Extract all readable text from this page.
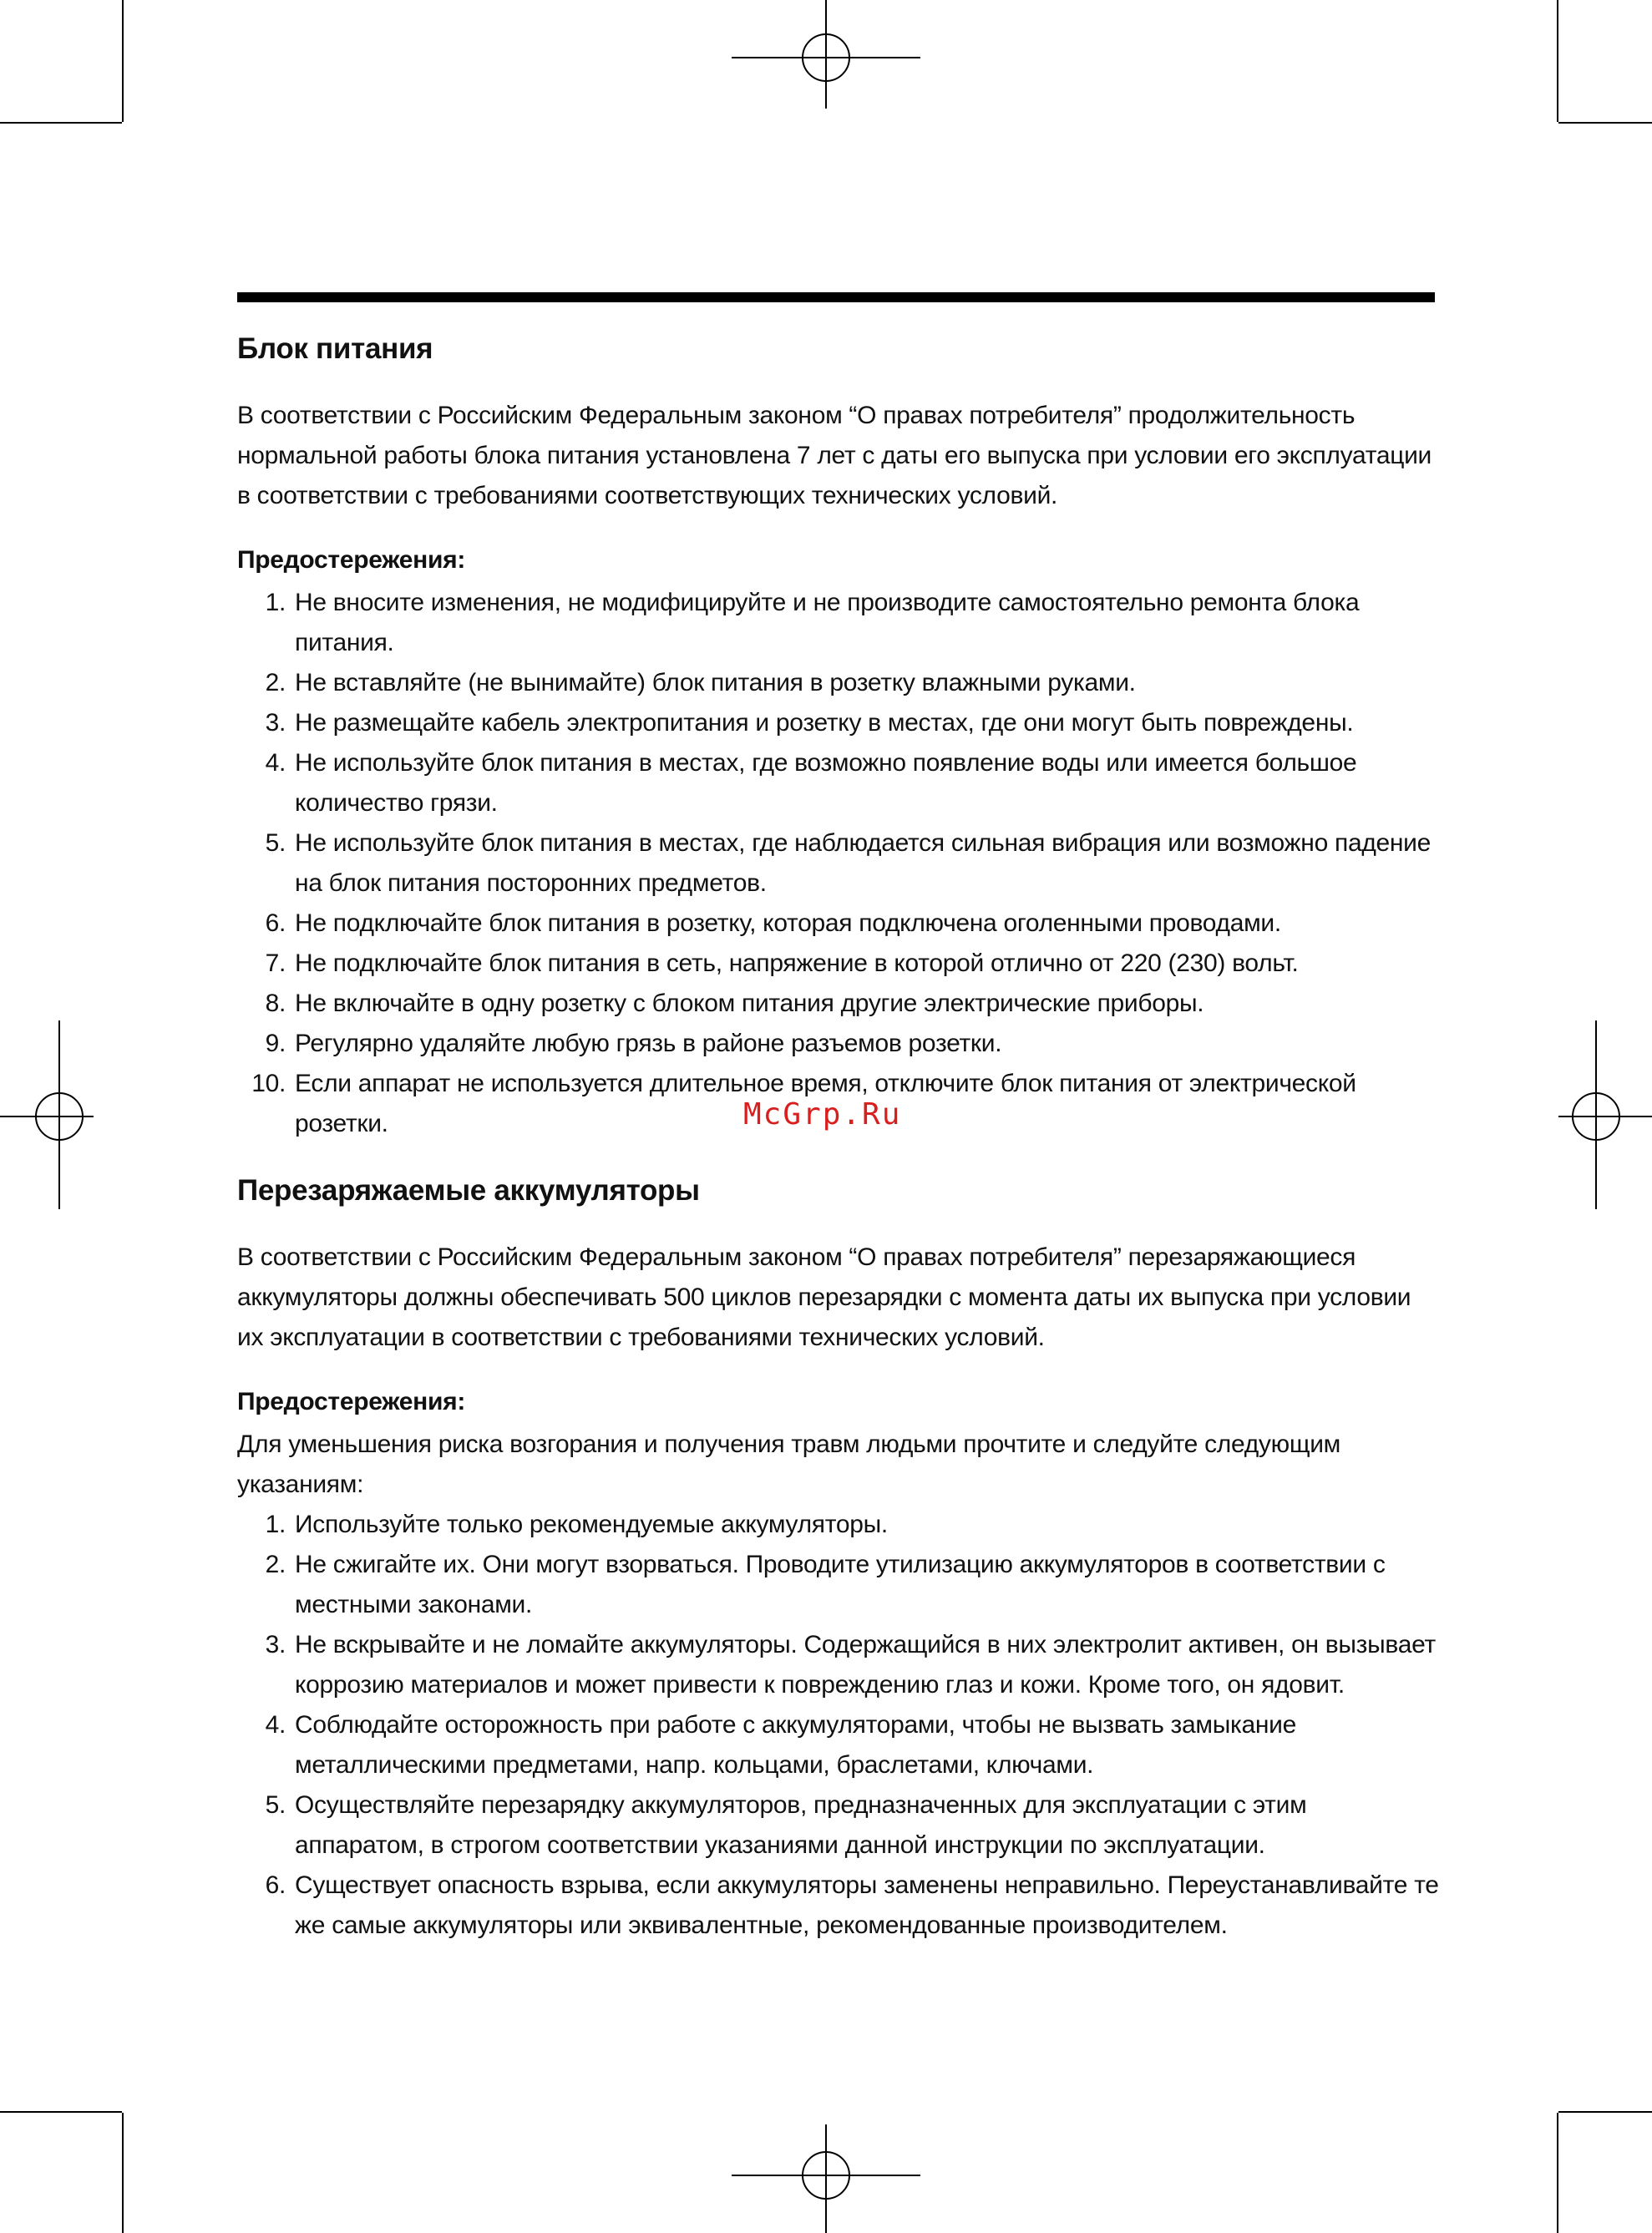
McGrp.Ru
Блок питания

В соответствии с Российским Федеральным законом “О правах потребителя” продолжительность нормальной работы блока питания установлена 7 лет с даты его выпуска при условии его эксплуатации в соответствии с требованиями соответствующих технических условий.

Предостережения:
1. Не вносите изменения, не модифицируйте и не производите самостоятельно ремонта блока питания.
2. Не вставляйте (не вынимайте) блок питания в розетку влажными руками.
3. Не размещайте кабель электропитания и розетку в местах, где они могут быть повреждены.
4. Не используйте блок питания в местах, где возможно появление воды или имеется большое количество грязи.
5. Не используйте блок питания в местах, где наблюдается сильная вибрация или возможно падение на блок питания посторонних предметов.
6. Не подключайте блок питания в розетку, которая подключена оголенными проводами.
7. Не подключайте блок питания в сеть, напряжение в которой отлично от 220 (230) вольт.
8. Не включайте в одну розетку с блоком питания другие электрические приборы.
9. Регулярно удаляйте любую грязь в районе разъемов розетки.
10. Если аппарат не используется длительное время, отключите блок питания от электрической розетки.
Перезаряжаемые аккумуляторы

В соответствии с Российским Федеральным законом “О правах потребителя” перезаряжающиеся аккумуляторы должны обеспечивать 500 циклов перезарядки с момента даты их выпуска при условии их эксплуатации в соответствии с требованиями технических условий.

Предостережения:

Для уменьшения риска возгорания и получения травм людьми прочтите и следуйте следующим указаниям:

1. Используйте только рекомендуемые аккумуляторы.
2. Не сжигайте их. Они могут взорваться. Проводите утилизацию аккумуляторов в соответствии с местными законами.
3. Не вскрывайте и не ломайте аккумуляторы. Содержащийся в них электролит активен, он вызывает коррозию материалов и может привести к повреждению глаз и кожи. Кроме того, он ядовит.
4. Соблюдайте осторожность при работе с аккумуляторами, чтобы не вызвать замыкание металлическими предметами, напр. кольцами, браслетами, ключами.
5. Осуществляйте перезарядку аккумуляторов, предназначенных для эксплуатации с этим аппаратом, в строгом соответствии указаниями данной инструкции по эксплуатации.
6. Существует опасность взрыва, если аккумуляторы заменены неправильно. Переустанавливайте те же самые аккумуляторы или эквивалентные, рекомендованные производителем.
